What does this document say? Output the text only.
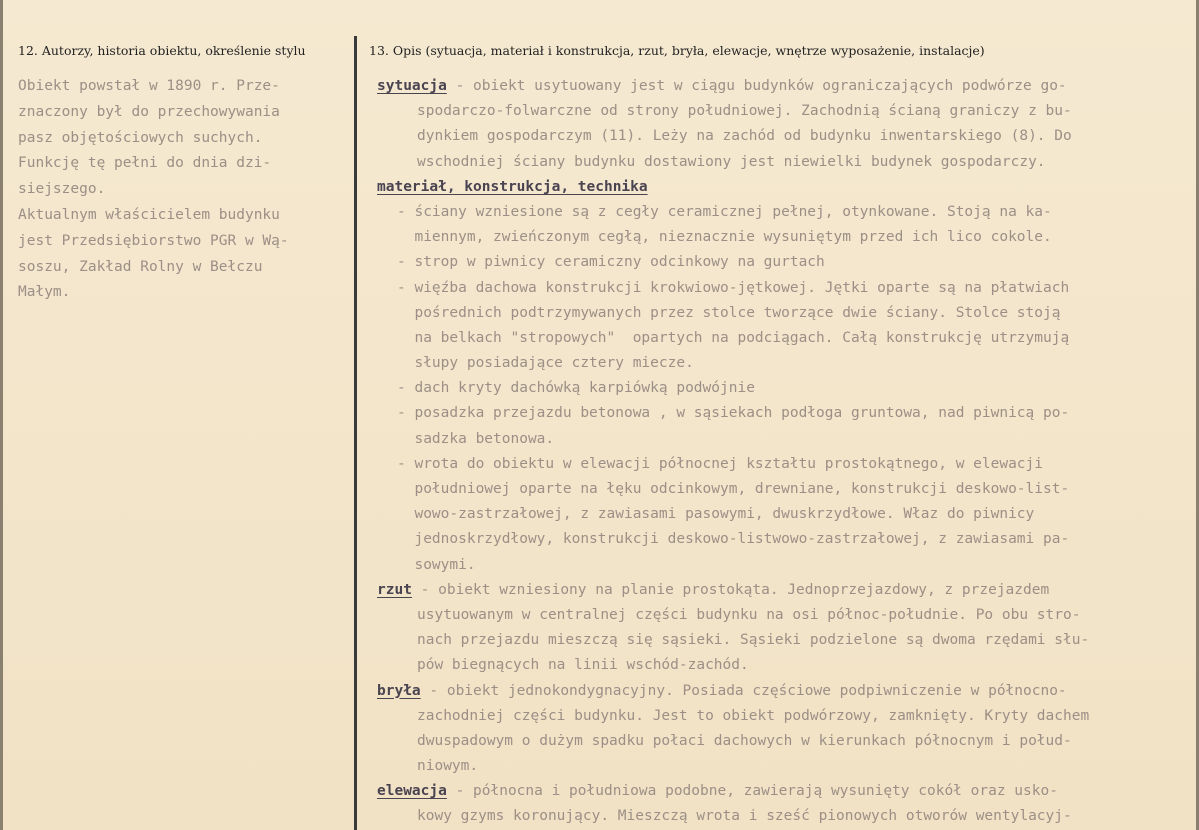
12. Autorzy, historia obiektu, określenie stylu	13. Opis (sytuacja, materiał i konstrukcja, rzut, bryła, elewacje, wnętrze wyposażenie, instalacje)
Obiekt powstał w 1890 r. Prze-
znaczony był do przechowywania
pasz objętościowych suchych.
Funkcję tę pełni do dnia dzi-
siejszego.
Aktualnym właścicielem budynku
jest Przedsiębiorstwo PGR w Wą-
soszu, Zakład Rolny w Bełczu
Małym.
sytuacja - obiekt usytuowany jest w ciągu budynków ograniczających podwórze go-
spodarczo-folwarczne od strony południowej. Zachodnią ścianą graniczy z bu-
dynkiem gospodarczym (11). Leży na zachód od budynku inwentarskiego (8). Do
wschodniej ściany budynku dostawiony jest niewielki budynek gospodarczy.
materiał, konstrukcja, technika
- ściany wzniesione są z cegły ceramicznej pełnej, otynkowane. Stoją na ka-
miennym, zwieńczonym cegłą, nieznacznie wysuniętym przed ich lico cokole.
- strop w piwnicy ceramiczny odcinkowy na gurtach
- więźba dachowa konstrukcji krokwiowo-jętkowej. Jętki oparte są na płatwiach
pośrednich podtrzymywanych przez stolce tworzące dwie ściany. Stolce stoją
na belkach "stropowych"  opartych na podciągach. Całą konstrukcję utrzymują
słupy posiadające cztery miecze.
- dach kryty dachówką karpiówką podwójnie
- posadzka przejazdu betonowa , w sąsiekach podłoga gruntowa, nad piwnicą po-
sadzka betonowa.
- wrota do obiektu w elewacji północnej kształtu prostokątnego, w elewacji
południowej oparte na łęku odcinkowym, drewniane, konstrukcji deskowo-list-
wowo-zastrzałowej, z zawiasami pasowymi, dwuskrzydłowe. Właz do piwnicy
jednoskrzydłowy, konstrukcji deskowo-listwowo-zastrzałowej, z zawiasami pa-
sowymi.
rzut - obiekt wzniesiony na planie prostokąta. Jednoprzejazdowy, z przejazdem
usytuowanym w centralnej części budynku na osi północ-południe. Po obu stro-
nach przejazdu mieszczą się sąsieki. Sąsieki podzielone są dwoma rzędami słu-
pów biegnących na linii wschód-zachód.
bryła - obiekt jednokondygnacyjny. Posiada częściowe podpiwniczenie w północno-
zachodniej części budynku. Jest to obiekt podwórzowy, zamknięty. Kryty dachem
dwuspadowym o dużym spadku połaci dachowych w kierunkach północnym i połud-
niowym.
elewacja - północna i południowa podobne, zawierają wysunięty cokół oraz usko-
kowy gzyms koronujący. Mieszczą wrota i sześć pionowych otworów wentylacyj-
